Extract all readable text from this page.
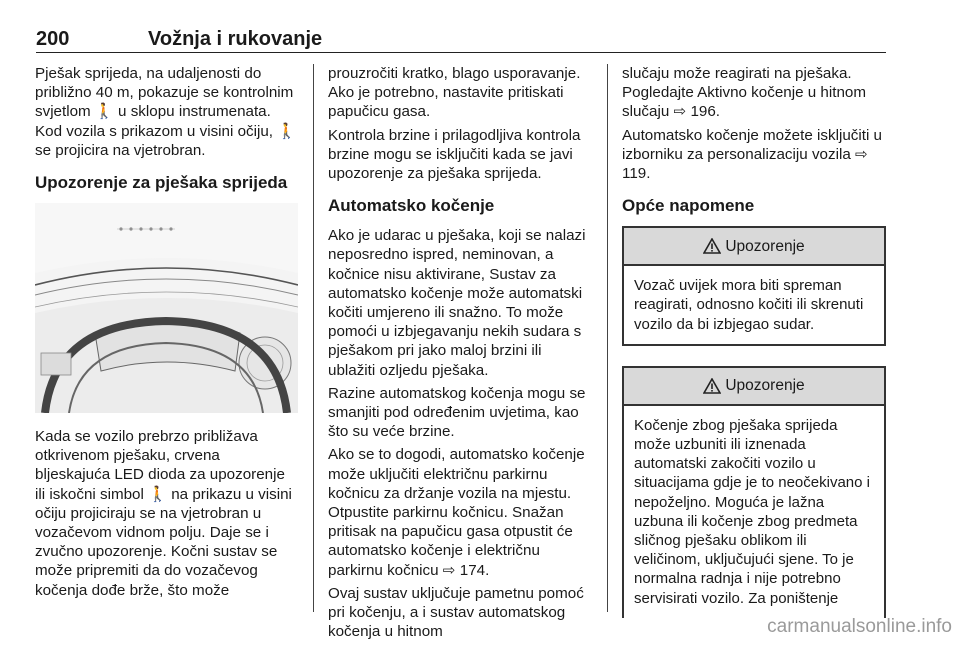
200	Vožnja i rukovanje

Pješak sprijeda, na udaljenosti do približno 40 m, pokazuje se kontrolnim svjetlom 🚶 u sklopu instrumenata. Kod vozila s prikazom u visini očiju, 🚶 se projicira na vjetrobran.

Upozorenje za pješaka sprijeda

Kada se vozilo prebrzo približava otkrivenom pješaku, crvena bljeskajuća LED dioda za upozorenje ili iskočni simbol 🚶 na prikazu u visini očiju projiciraju se na vjetrobran u vozačevom vidnom polju. Daje se i zvučno upozorenje. Kočni sustav se može pripremiti da do vozačevog kočenja dođe brže, što može

prouzročiti kratko, blago usporavanje. Ako je potrebno, nastavite pritiskati papučicu gasa.

Kontrola brzine i prilagodljiva kontrola brzine mogu se isključiti kada se javi upozorenje za pješaka sprijeda.

Automatsko kočenje

Ako je udarac u pješaka, koji se nalazi neposredno ispred, neminovan, a kočnice nisu aktivirane, Sustav za automatsko kočenje može automatski kočiti umjereno ili snažno. To može pomoći u izbjegavanju nekih sudara s pješakom pri jako maloj brzini ili ublažiti ozljedu pješaka.

Razine automatskog kočenja mogu se smanjiti pod određenim uvjetima, kao što su veće brzine.

Ako se to dogodi, automatsko kočenje može uključiti električnu parkirnu kočnicu za držanje vozila na mjestu. Otpustite parkirnu kočnicu. Snažan pritisak na papučicu gasa otpustit će automatsko kočenje i električnu parkirnu kočnicu ⇨ 174.

Ovaj sustav uključuje pametnu pomoć pri kočenju, a i sustav automatskog kočenja u hitnom

slučaju može reagirati na pješaka. Pogledajte Aktivno kočenje u hitnom slučaju ⇨ 196.

Automatsko kočenje možete isključiti u izborniku za personalizaciju vozila ⇨ 119.

Opće napomene
Upozorenje
Vozač uvijek mora biti spreman reagirati, odnosno kočiti ili skrenuti vozilo da bi izbjegao sudar.
Upozorenje
Kočenje zbog pješaka sprijeda može uzbuniti ili iznenada automatski zakočiti vozilo u situacijama gdje je to neočekivano i nepoželjno. Moguća je lažna uzbuna ili kočenje zbog predmeta sličnog pješaku oblikom ili veličinom, uključujući sjene. To je normalna radnja i nije potrebno servisirati vozilo. Za poništenje
carmanualsonline.info
